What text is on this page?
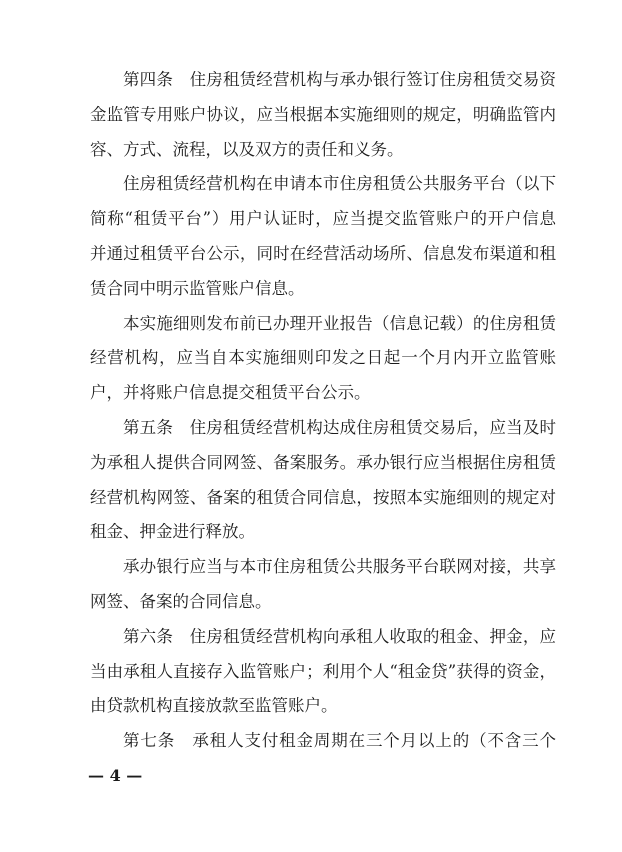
第四条　住房租赁经营机构与承办银行签订住房租赁交易资
金监管专用账户协议，应当根据本实施细则的规定，明确监管内
容、方式、流程，以及双方的责任和义务。
住房租赁经营机构在申请本市住房租赁公共服务平台（以下
简称“租赁平台”）用户认证时，应当提交监管账户的开户信息
并通过租赁平台公示，同时在经营活动场所、信息发布渠道和租
赁合同中明示监管账户信息。
本实施细则发布前已办理开业报告（信息记载）的住房租赁
经营机构，应当自本实施细则印发之日起一个月内开立监管账
户，并将账户信息提交租赁平台公示。
第五条　住房租赁经营机构达成住房租赁交易后，应当及时
为承租人提供合同网签、备案服务。承办银行应当根据住房租赁
经营机构网签、备案的租赁合同信息，按照本实施细则的规定对
租金、押金进行释放。
承办银行应当与本市住房租赁公共服务平台联网对接，共享
网签、备案的合同信息。
第六条　住房租赁经营机构向承租人收取的租金、押金，应
当由承租人直接存入监管账户；利用个人“租金贷”获得的资金，
由贷款机构直接放款至监管账户。
第七条　承租人支付租金周期在三个月以上的（不含三个
— 4 —
